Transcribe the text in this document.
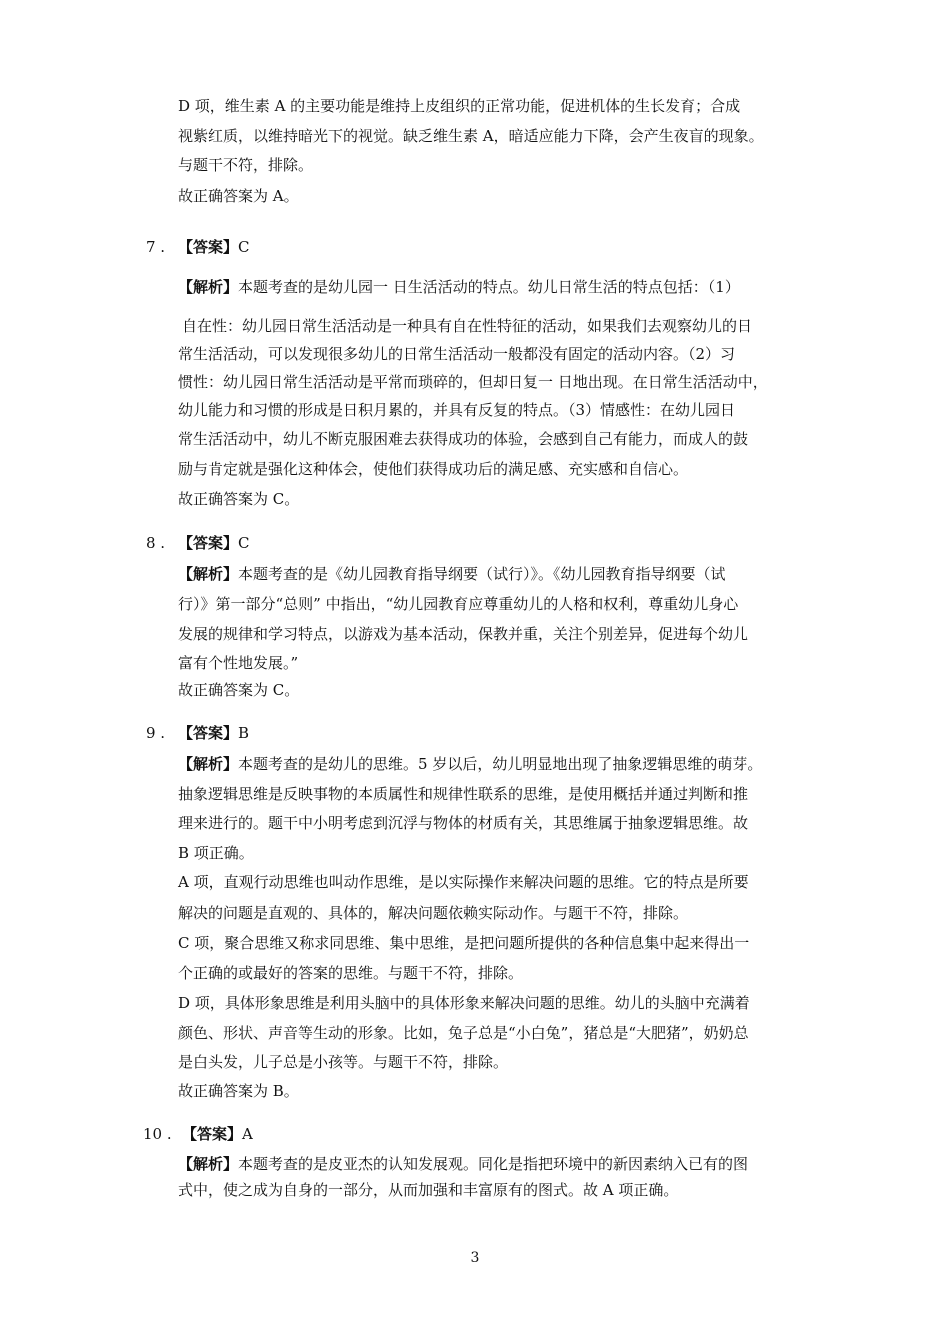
D 项，维生素 A 的主要功能是维持上皮组织的正常功能，促进机体的生长发育；合成
视紫红质，以维持暗光下的视觉。缺乏维生素 A，暗适应能力下降，会产生夜盲的现象。
与题干不符，排除。
故正确答案为 A。
7 . 【答案】C
【解析】本题考查的是幼儿园一 日生活活动的特点。幼儿日常生活的特点包括：（1）
自在性：幼儿园日常生活活动是一种具有自在性特征的活动，如果我们去观察幼儿的日
常生活活动，可以发现很多幼儿的日常生活活动一般都没有固定的活动内容。（2）习
惯性：幼儿园日常生活活动是平常而琐碎的，但却日复一 日地出现。在日常生活活动中，
幼儿能力和习惯的形成是日积月累的，并具有反复的特点。（3）情感性：在幼儿园日
常生活活动中，幼儿不断克服困难去获得成功的体验，会感到自己有能力，而成人的鼓
励与肯定就是强化这种体会，使他们获得成功后的满足感、充实感和自信心。
故正确答案为 C。
8 . 【答案】C
【解析】本题考查的是《幼儿园教育指导纲要（试行）》。《幼儿园教育指导纲要（试
行）》第一部分“总则” 中指出，“幼儿园教育应尊重幼儿的人格和权利，尊重幼儿身心
发展的规律和学习特点，以游戏为基本活动，保教并重，关注个别差异，促进每个幼儿
富有个性地发展。”
故正确答案为 C。
9 . 【答案】B
【解析】本题考查的是幼儿的思维。5 岁以后，幼儿明显地出现了抽象逻辑思维的萌芽。
抽象逻辑思维是反映事物的本质属性和规律性联系的思维，是使用概括并通过判断和推
理来进行的。题干中小明考虑到沉浮与物体的材质有关，其思维属于抽象逻辑思维。故
B 项正确。
A 项，直观行动思维也叫动作思维，是以实际操作来解决问题的思维。它的特点是所要
解决的问题是直观的、具体的，解决问题依赖实际动作。与题干不符，排除。
C 项，聚合思维又称求同思维、集中思维，是把问题所提供的各种信息集中起来得出一
个正确的或最好的答案的思维。与题干不符，排除。
D 项，具体形象思维是利用头脑中的具体形象来解决问题的思维。幼儿的头脑中充满着
颜色、形状、声音等生动的形象。比如，兔子总是“小白兔”，猪总是“大肥猪”，奶奶总
是白头发，儿子总是小孩等。与题干不符，排除。
故正确答案为 B。
10 . 【答案】A
【解析】本题考查的是皮亚杰的认知发展观。同化是指把环境中的新因素纳入已有的图
式中，使之成为自身的一部分，从而加强和丰富原有的图式。故 A 项正确。
3
